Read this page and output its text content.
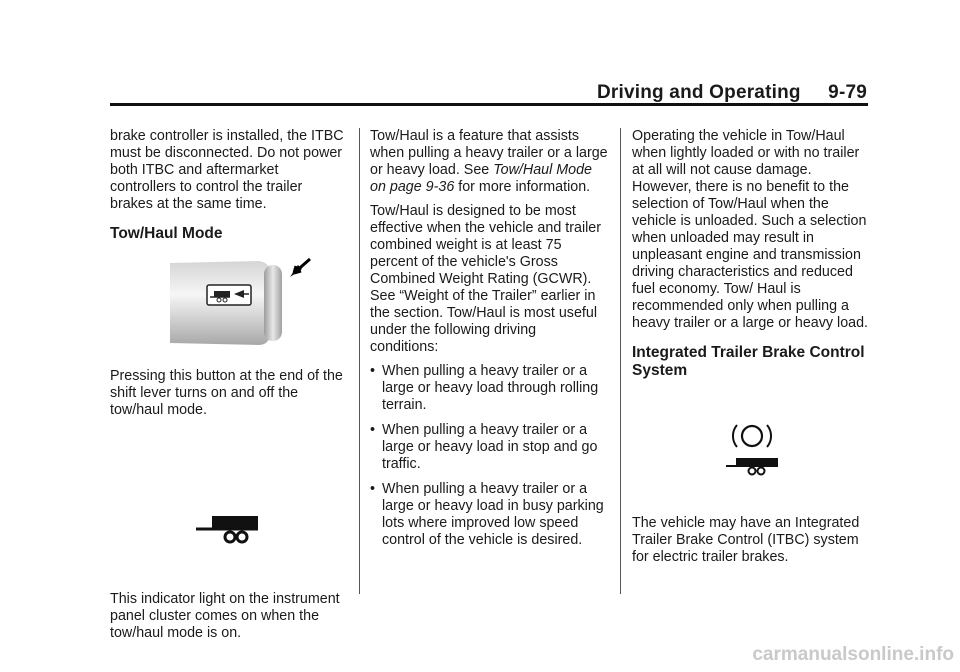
Driving and Operating 9-79

brake controller is installed, the ITBC must be disconnected. Do not power both ITBC and aftermarket controllers to control the trailer brakes at the same time.

Tow/Haul Mode

Pressing this button at the end of the shift lever turns on and off the tow/haul mode.

This indicator light on the instrument panel cluster comes on when the tow/haul mode is on.

Tow/Haul is a feature that assists when pulling a heavy trailer or a large or heavy load. See Tow/Haul Mode on page 9-36 for more information.

Tow/Haul is designed to be most effective when the vehicle and trailer combined weight is at least 75 percent of the vehicle's Gross Combined Weight Rating (GCWR). See “Weight of the Trailer” earlier in the section. Tow/Haul is most useful under the following driving conditions:

• When pulling a heavy trailer or a large or heavy load through rolling terrain.
• When pulling a heavy trailer or a large or heavy load in stop and go traffic.
• When pulling a heavy trailer or a large or heavy load in busy parking lots where improved low speed control of the vehicle is desired.

Operating the vehicle in Tow/Haul when lightly loaded or with no trailer at all will not cause damage. However, there is no benefit to the selection of Tow/Haul when the vehicle is unloaded. Such a selection when unloaded may result in unpleasant engine and transmission driving characteristics and reduced fuel economy. Tow/ Haul is recommended only when pulling a heavy trailer or a large or heavy load.

Integrated Trailer Brake Control System

The vehicle may have an Integrated Trailer Brake Control (ITBC) system for electric trailer brakes.

carmanualsonline.info
